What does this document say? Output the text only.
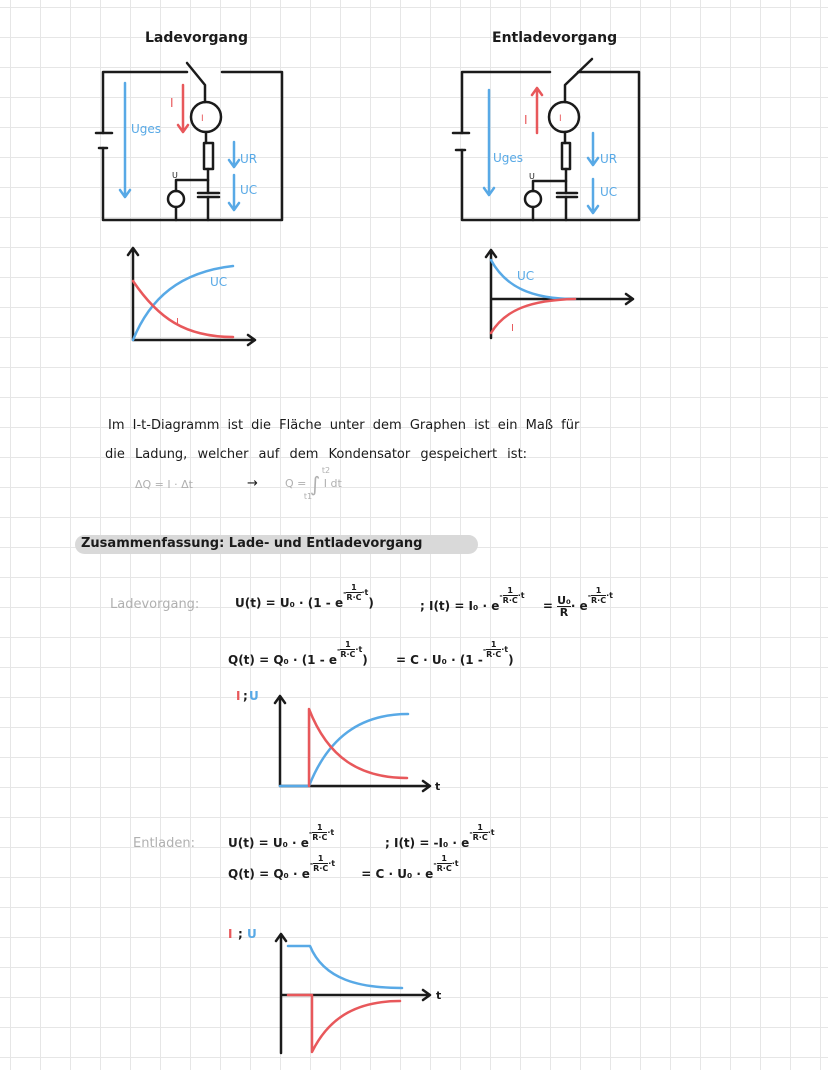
Ladevorgang	Entladevorgang
I
U
I
Uges
UR
UC
I
U
I
Uges	UR
UC
UC
I
UC
I
I ; U
t
I ; U
t
Im I-t-Diagramm ist die Fläche unter dem Graphen ist ein Maß für
die Ladung, welcher auf dem Kondensator gespeichert ist:
ΔQ = I · Δt	→ Q = ∫
t2
t1
I dt
Zusammenfassung: Lade- und Entladevorgang
Ladevorgang:	$U(t) = U_0 \cdot (1 - e- \frac{1}{R\cdot C} \cdot t)$	; $I(t) = I_0 \cdot e- \frac{1}{R\cdot C} \cdot t = \frac{\text{U₀}}{R} \cdot e- \frac{1}{R\cdot C} \cdot t$
$Q(t) = Q_0 \cdot (1 - e- \frac{1}{R\cdot C} \cdot t) = C \cdot U_0 \cdot (1 -- \frac{1}{R\cdot C} \cdot t)$
Entladen:	$U(t) = U_0 \cdot e- \frac{1}{R\cdot C} \cdot t$
; $I(t) = -I_0 \cdot e- \frac{1}{R\cdot C} \cdot t$
$Q(t) = Q_0 \cdot e- \frac{1}{R\cdot C} \cdot t = C \cdot U_0 \cdot e- \frac{1}{R\cdot C} \cdot t$
